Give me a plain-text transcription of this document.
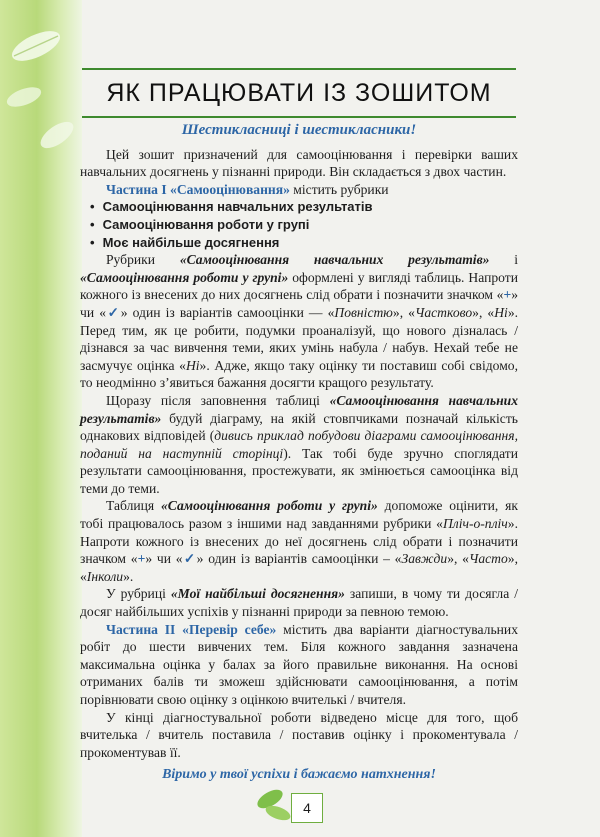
ЯК ПРАЦЮВАТИ ІЗ ЗОШИТОМ
Шестикласниці і шестикласники!

Цей зошит призначений для самооцінювання і перевірки ваших навчальних досягнень у пізнанні природи. Він складається з двох частин.

Частина І «Самооцінювання» містить рубрики

• Самооцінювання навчальних результатів
• Самооцінювання роботи у групі
• Моє найбільше досягнення

Рубрики «Самооцінювання навчальних результатів» і «Самооцінювання роботи у групі» оформлені у вигляді таблиць. Напроти кожного із внесених до них досягнень слід обрати і позначити значком «+» чи «✓» один із варіантів самооцінки — «Повністю», «Частково», «Ні». Перед тим, як це робити, подумки проаналізуй, що нового дізналась / дізнався за час вивчення теми, яких умінь набула / набув. Нехай тебе не засмучує оцінка «Ні». Адже, якщо таку оцінку ти поставиш собі свідомо, то неодмінно з’явиться бажання досягти кращого результату.

Щоразу після заповнення таблиці «Самооцінювання навчальних результатів» будуй діаграму, на якій стовпчиками позначай кількість однакових відповідей (дивись приклад побудови діаграми самооцінювання, поданий на наступній сторінці). Так тобі буде зручно споглядати результати самооцінювання, простежувати, як змінюється самооцінка від теми до теми.

Таблиця «Самооцінювання роботи у групі» допоможе оцінити, як тобі працювалось разом з іншими над завданнями рубрики «Пліч-о-пліч». Напроти кожного із внесених до неї досягнень слід обрати і позначити значком «+» чи «✓» один із варіантів самооцінки – «Завжди», «Часто», «Інколи».

У рубриці «Мої найбільші досягнення» запиши, в чому ти досягла / досяг найбільших успіхів у пізнанні природи за певною темою.

Частина ІІ «Перевір себе» містить два варіанти діагностувальних робіт до шести вивчених тем. Біля кожного завдання зазначена максимальна оцінка у балах за його правильне виконання. На основі отриманих балів ти зможеш здійснювати самооцінювання, а потім порівнювати свою оцінку з оцінкою вчителькі / вчителя.

У кінці діагностувальної роботи відведено місце для того, щоб вчителька / вчитель поставила / поставив оцінку і прокоментувала / прокоментував її.

Віримо у твої успіхи і бажаємо натхнення!
4
